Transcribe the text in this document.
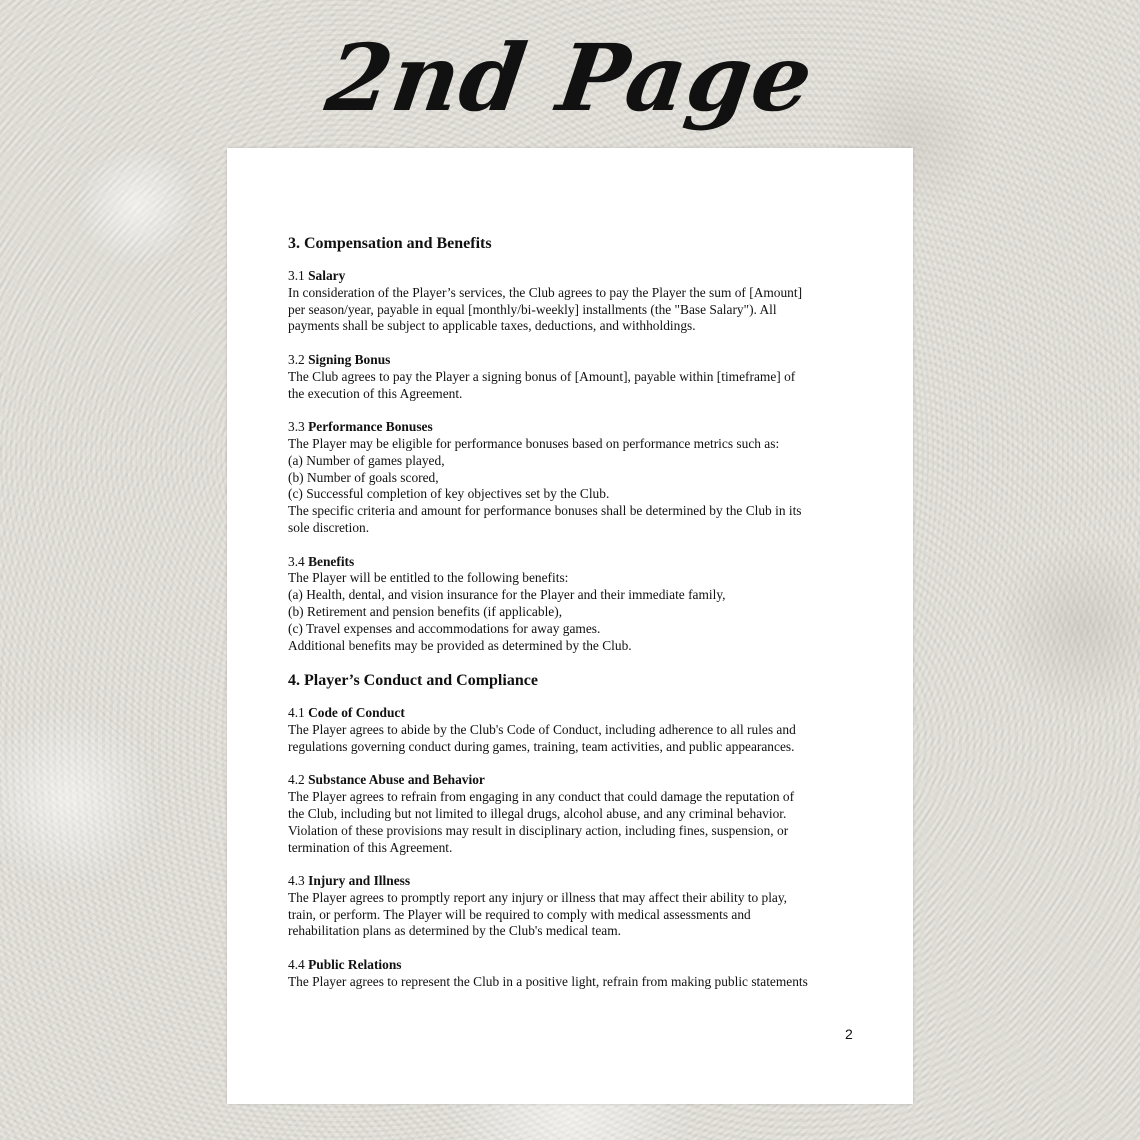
2nd Page
3. Compensation and Benefits

3.1 Salary
In consideration of the Player’s services, the Club agrees to pay the Player the sum of [Amount]
per season/year, payable in equal [monthly/bi-weekly] installments (the "Base Salary"). All
payments shall be subject to applicable taxes, deductions, and withholdings.

3.2 Signing Bonus
The Club agrees to pay the Player a signing bonus of [Amount], payable within [timeframe] of
the execution of this Agreement.

3.3 Performance Bonuses
The Player may be eligible for performance bonuses based on performance metrics such as:
(a) Number of games played,
(b) Number of goals scored,
(c) Successful completion of key objectives set by the Club.
The specific criteria and amount for performance bonuses shall be determined by the Club in its
sole discretion.

3.4 Benefits
The Player will be entitled to the following benefits:
(a) Health, dental, and vision insurance for the Player and their immediate family,
(b) Retirement and pension benefits (if applicable),
(c) Travel expenses and accommodations for away games.
Additional benefits may be provided as determined by the Club.

4. Player’s Conduct and Compliance

4.1 Code of Conduct
The Player agrees to abide by the Club's Code of Conduct, including adherence to all rules and
regulations governing conduct during games, training, team activities, and public appearances.

4.2 Substance Abuse and Behavior
The Player agrees to refrain from engaging in any conduct that could damage the reputation of
the Club, including but not limited to illegal drugs, alcohol abuse, and any criminal behavior.
Violation of these provisions may result in disciplinary action, including fines, suspension, or
termination of this Agreement.

4.3 Injury and Illness
The Player agrees to promptly report any injury or illness that may affect their ability to play,
train, or perform. The Player will be required to comply with medical assessments and
rehabilitation plans as determined by the Club's medical team.

4.4 Public Relations
The Player agrees to represent the Club in a positive light, refrain from making public statements

2
